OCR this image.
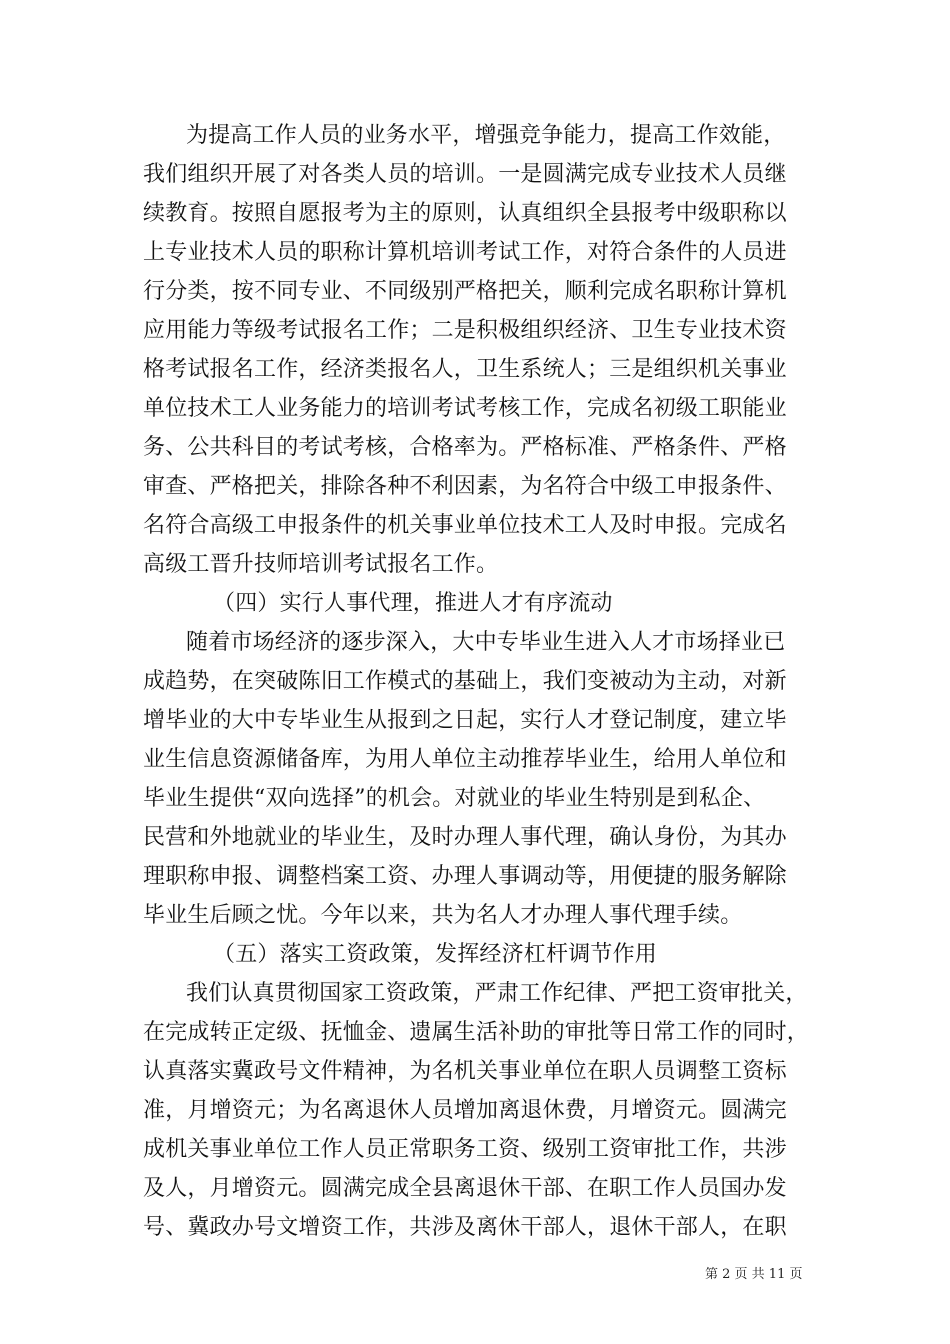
为提高工作人员的业务水平，增强竞争能力，提高工作效能，
我们组织开展了对各类人员的培训。一是圆满完成专业技术人员继
续教育。按照自愿报考为主的原则，认真组织全县报考中级职称以
上专业技术人员的职称计算机培训考试工作，对符合条件的人员进
行分类，按不同专业、不同级别严格把关，顺利完成名职称计算机
应用能力等级考试报名工作；二是积极组织经济、卫生专业技术资
格考试报名工作，经济类报名人，卫生系统人；三是组织机关事业
单位技术工人业务能力的培训考试考核工作，完成名初级工职能业
务、公共科目的考试考核，合格率为。严格标准、严格条件、严格
审查、严格把关，排除各种不利因素，为名符合中级工申报条件、
名符合高级工申报条件的机关事业单位技术工人及时申报。完成名
高级工晋升技师培训考试报名工作。
（四）实行人事代理，推进人才有序流动
随着市场经济的逐步深入，大中专毕业生进入人才市场择业已
成趋势，在突破陈旧工作模式的基础上，我们变被动为主动，对新
增毕业的大中专毕业生从报到之日起，实行人才登记制度，建立毕
业生信息资源储备库，为用人单位主动推荐毕业生，给用人单位和
毕业生提供“双向选择”的机会。对就业的毕业生特别是到私企、
民营和外地就业的毕业生，及时办理人事代理，确认身份，为其办
理职称申报、调整档案工资、办理人事调动等，用便捷的服务解除
毕业生后顾之忧。今年以来，共为名人才办理人事代理手续。
（五）落实工资政策，发挥经济杠杆调节作用
我们认真贯彻国家工资政策，严肃工作纪律、严把工资审批关，
在完成转正定级、抚恤金、遗属生活补助的审批等日常工作的同时，
认真落实冀政号文件精神，为名机关事业单位在职人员调整工资标
准，月增资元；为名离退休人员增加离退休费，月增资元。圆满完
成机关事业单位工作人员正常职务工资、级别工资审批工作，共涉
及人，月增资元。圆满完成全县离退休干部、在职工作人员国办发
号、冀政办号文增资工作，共涉及离休干部人，退休干部人，在职
第 2 页 共 11 页
